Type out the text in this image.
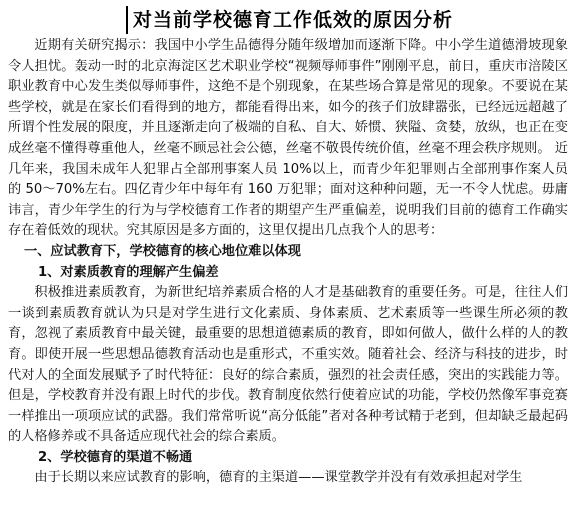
对当前学校德育工作低效的原因分析

近期有关研究揭示：我国中小学生品德得分随年级增加而逐渐下降。中小学生道德滑坡现象令人担忧。轰动一时的北京海淀区艺术职业学校“视频辱师事件”刚刚平息，前日，重庆市涪陵区职业教育中心发生类似辱师事件，这绝不是个别现象，在某些场合算是常见的现象。不要说在某些学校，就是在家长们看得到的地方，都能看得出来，如今的孩子们放肆嚣张，已经远远超越了所谓个性发展的限度，并且逐渐走向了极端的自私、自大、娇惯、狭隘、贪婪，放纵，也正在变成丝毫不懂得尊重他人，丝毫不顾忌社会公德，丝毫不敬畏传统价值，丝毫不理会秩序规则。 近几年来，我国未成年人犯罪占全部刑事案人员 10%以上，而青少年犯罪则占全部刑事作案人员的 50～70%左右。四亿青少年中每年有 160 万犯罪；面对这种种问题，无一不令人忧虑。毋庸讳言，青少年学生的行为与学校德育工作者的期望产生严重偏差，说明我们目前的德育工作确实存在着低效的现状。究其原因是多方面的，这里仅提出几点我个人的思考：

一、应试教育下，学校德育的核心地位难以体现

1、对素质教育的理解产生偏差

积极推进素质教育，为新世纪培养素质合格的人才是基础教育的重要任务。可是，往往人们一谈到素质教育就认为只是对学生进行文化素质、身体素质、艺术素质等一些课生所必须的教育，忽视了素质教育中最关键，最重要的思想道德素质的教育，即如何做人，做什么样的人的教育。即使开展一些思想品德教育活动也是重形式，不重实效。随着社会、经济与科技的进步，时代对人的全面发展赋予了时代特征：良好的综合素质，强烈的社会责任感，突出的实践能力等。但是，学校教育并没有跟上时代的步伐。教育制度依然行使着应试的功能，学校仍然像军事竞赛一样推出一项项应试的武器。我们常常听说“高分低能”者对各种考试精于老到，但却缺乏最起码的人格修养或不具备适应现代社会的综合素质。

2、学校德育的渠道不畅通

由于长期以来应试教育的影响，德育的主渠道——课堂教学并没有有效承担起对学生
